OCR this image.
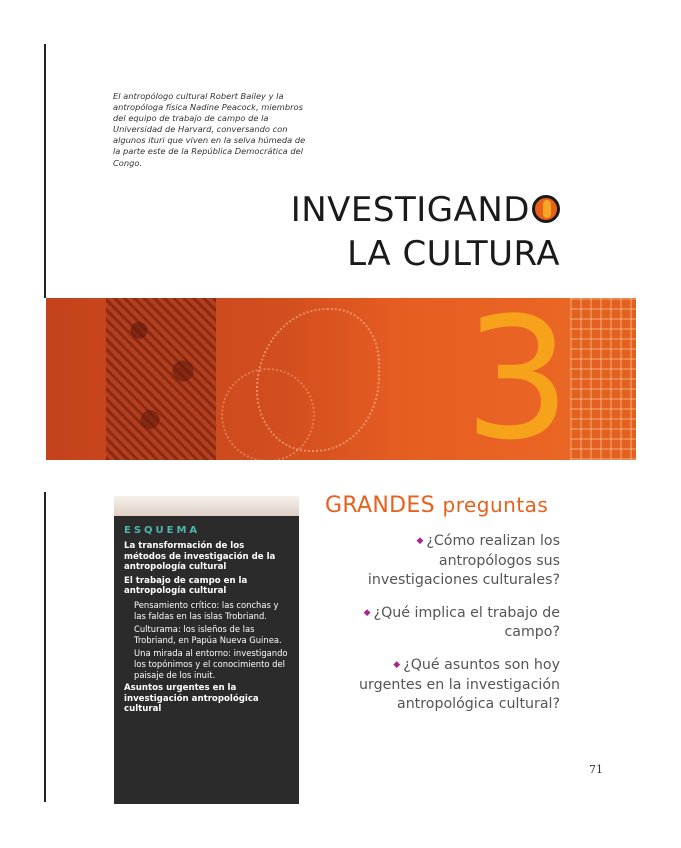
El antropólogo cultural Robert Bailey y la antropóloga física Nadine Peacock, miembros del equipo de trabajo de campo de la Universidad de Harvard, conversando con algunos ituri que viven en la selva húmeda de la parte este de la República Democrática del Congo.

INVESTIGAND
LA CULTURA

3

ESQUEMA
La transformación de los métodos de investigación de la antropología cultural
El trabajo de campo en la antropología cultural
Pensamiento crítico: las conchas y las faldas en las islas Trobriand.
Culturama: los isleños de las Trobriand, en Papúa Nueva Guinea.
Una mirada al entorno: investigando los topónimos y el conocimiento del paisaje de los inuit.
Asuntos urgentes en la investigación antropológica cultural
GRANDES preguntas
◆ ¿Cómo realizan los antropólogos sus investigaciones culturales?
◆ ¿Qué implica el trabajo de campo?
◆ ¿Qué asuntos son hoy urgentes en la investigación antropológica cultural?

71
